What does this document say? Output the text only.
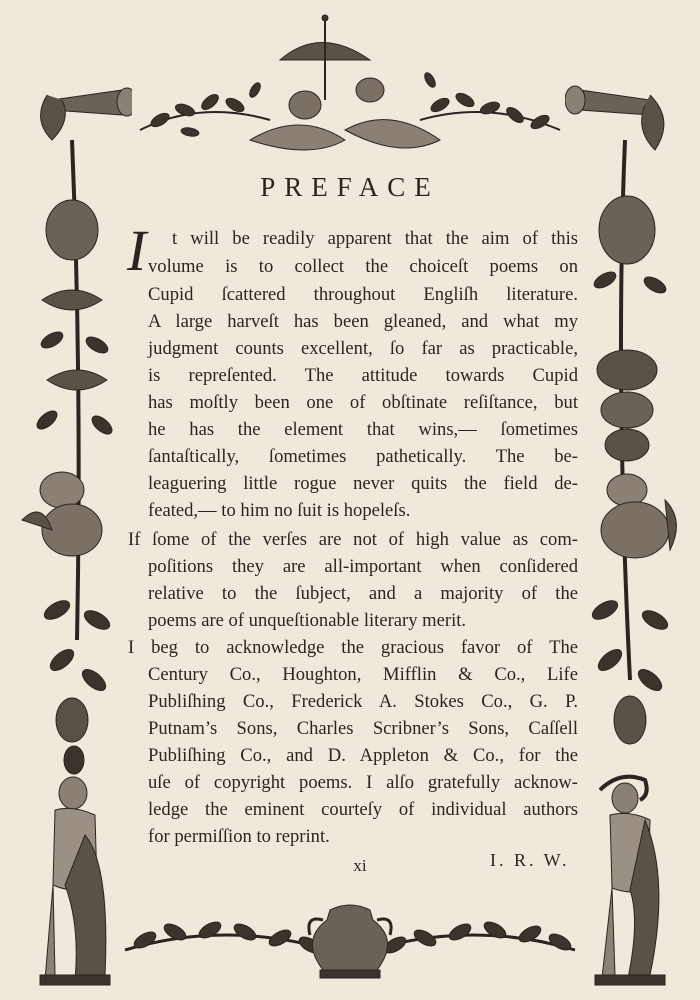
PREFACE
I t will be readily apparent that the aim of this
volume is to collect the choiceſt poems on
Cupid ſcattered throughout Engliſh literature.
A large harveſt has been gleaned, and what my
judgment counts excellent, ſo far as practicable,
is repreſented. The attitude towards Cupid
has moſtly been one of obſtinate reſiſtance, but
he has the element that wins,— ſometimes
ſantaſtically, ſometimes pathetically. The be-
leaguering little rogue never quits the field de-
feated,— to him no ſuit is hopeleſs.
If ſome of the verſes are not of high value as com-
poſitions they are all-important when conſidered
relative to the ſubject, and a majority of the
poems are of unqueſtionable literary merit.
I beg to acknowledge the gracious favor of The
Century Co., Houghton, Mifflin & Co., Life
Publiſhing Co., Frederick A. Stokes Co., G. P.
Putnam’s Sons, Charles Scribner’s Sons, Caſſell
Publiſhing Co., and D. Appleton & Co., for the
uſe of copyright poems. I alſo gratefully acknow-
ledge the eminent courteſy of individual authors
for permiſſion to reprint.
I. R. W.
xi
